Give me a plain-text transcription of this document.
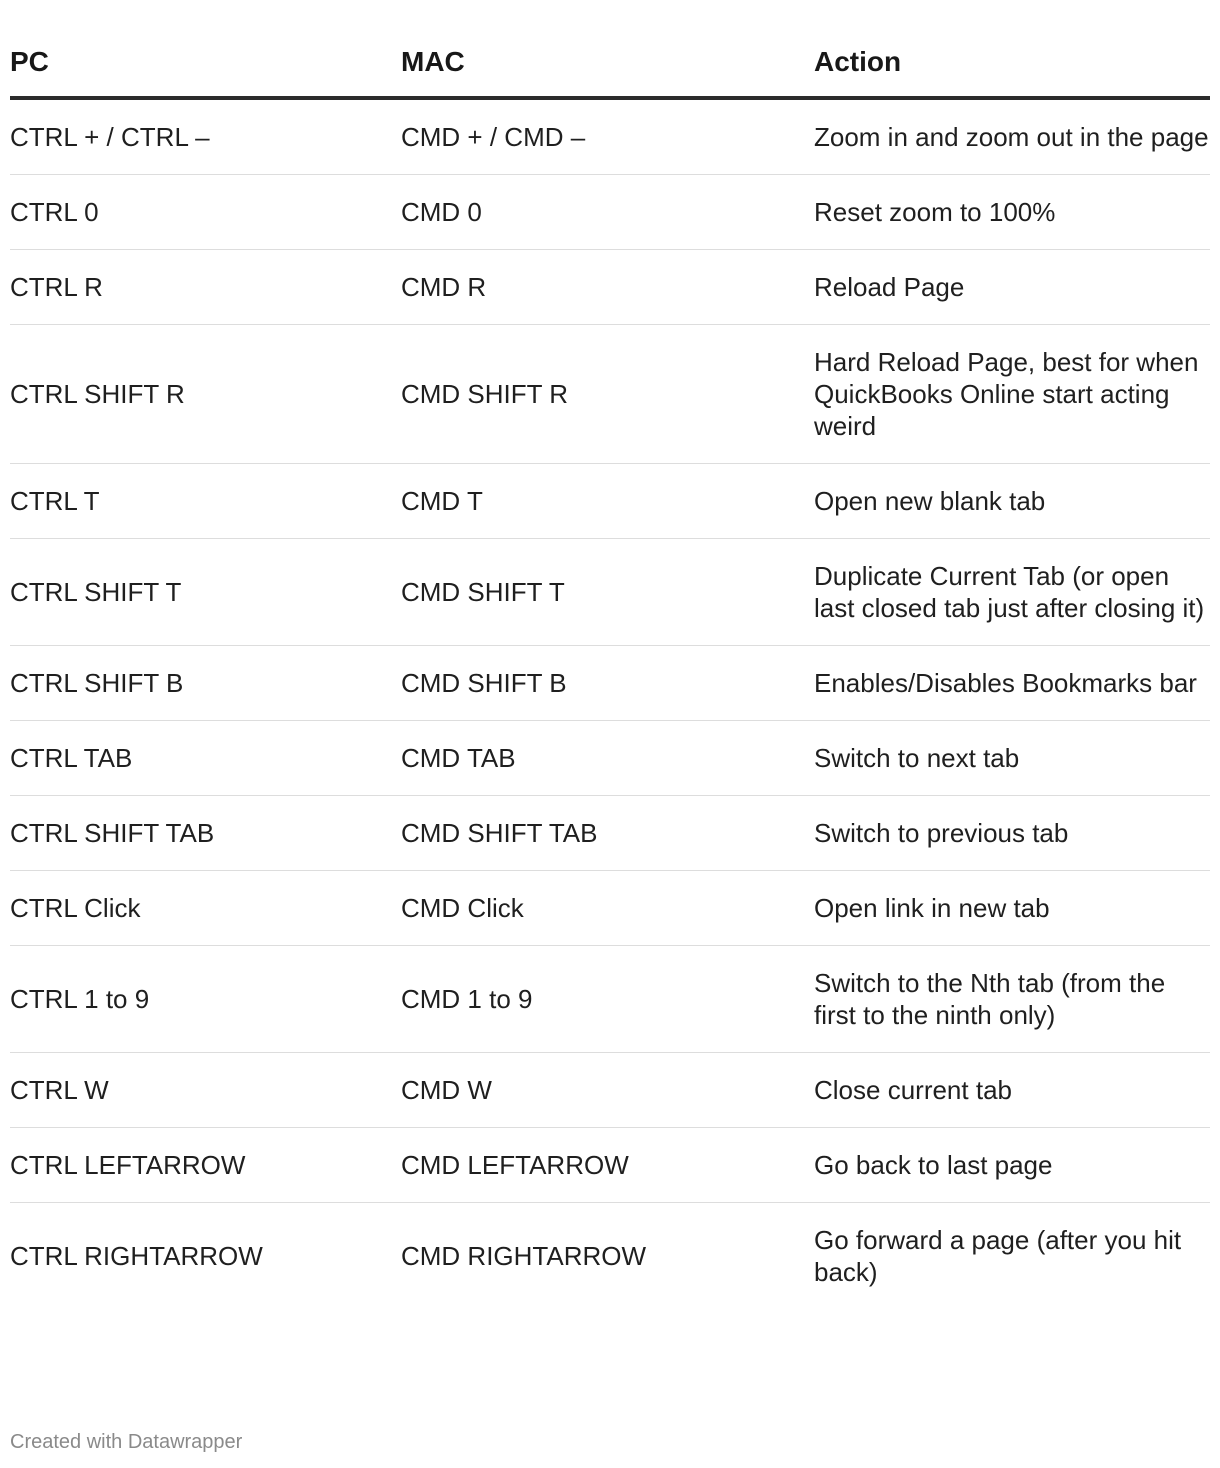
PC	MAC	Action
CTRL + / CTRL –	CMD + / CMD –	Zoom in and zoom out in the page
CTRL 0	CMD 0	Reset zoom to 100%
CTRL R	CMD R	Reload Page
CTRL SHIFT R	CMD SHIFT R	Hard Reload Page, best for when QuickBooks Online start acting weird
CTRL T	CMD T	Open new blank tab
CTRL SHIFT T	CMD SHIFT T	Duplicate Current Tab (or open last closed tab just after closing it)
CTRL SHIFT B	CMD SHIFT B	Enables/Disables Bookmarks bar
CTRL TAB	CMD TAB	Switch to next tab
CTRL SHIFT TAB	CMD SHIFT TAB	Switch to previous tab
CTRL Click	CMD Click	Open link in new tab
CTRL 1 to 9	CMD 1 to 9	Switch to the Nth tab (from the first to the ninth only)
CTRL W	CMD W	Close current tab
CTRL LEFTARROW	CMD LEFTARROW	Go back to last page
CTRL RIGHTARROW	CMD RIGHTARROW	Go forward a page (after you hit back)
Created with Datawrapper
